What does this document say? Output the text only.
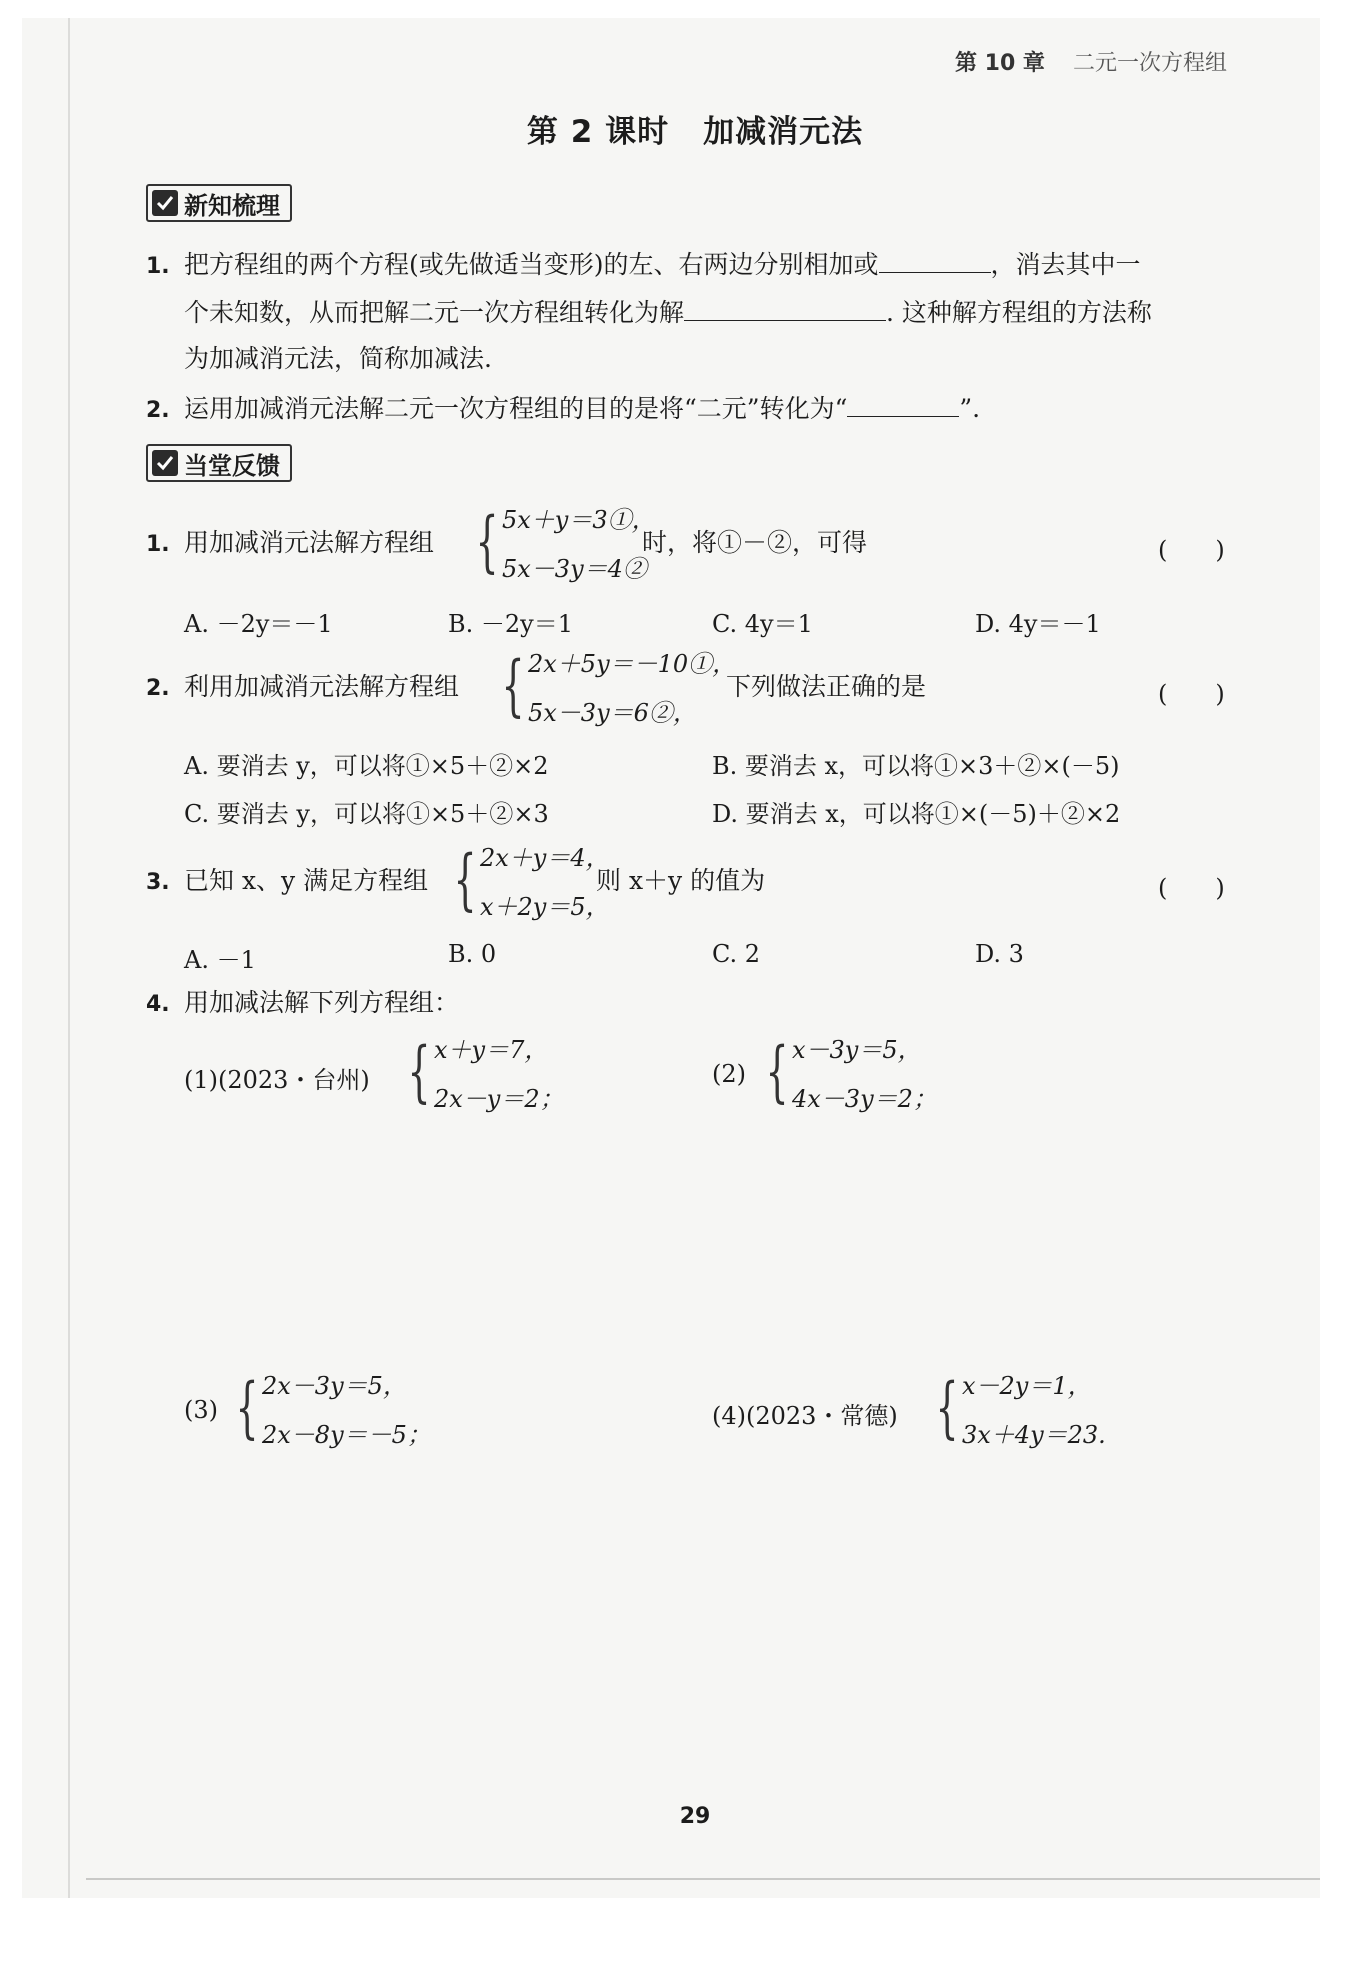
第 10 章 二元一次方程组
第 2 课时 加减消元法
新知梳理
1. 把方程组的两个方程(或先做适当变形)的左、右两边分别相加或	，消去其中一
个未知数，从而把解二元一次方程组转化为解	. 这种解方程组的方法称
为加减消元法，简称加减法.
2. 运用加减消元法解二元一次方程组的目的是将“二元”转化为“	”.
当堂反馈
1. 用加减消元法解方程组 { 5x＋y＝3①，
5x－3y＝4②
时，将①－②，可得	(　　)
A. －2y＝－1	B. －2y＝1	C. 4y＝1	D. 4y＝－1
2. 利用加减消元法解方程组 { 2x＋5y＝－10①，
5x－3y＝6②，
下列做法正确的是	(　　)
A. 要消去 y，可以将①×5＋②×2	B. 要消去 x，可以将①×3＋②×(－5)
C. 要消去 y，可以将①×5＋②×3	D. 要消去 x，可以将①×(－5)＋②×2
3. 已知 x、y 满足方程组 { 2x＋y＝4，
x＋2y＝5，
则 x＋y 的值为	(　　)
A. －1	B. 0	C. 2	D. 3
4. 用加减法解下列方程组：
(1)(2023・台州) { x＋y＝7，
2x－y＝2；
(2) { x－3y＝5，
4x－3y＝2；
(3) { 2x－3y＝5，
2x－8y＝－5；
(4)(2023・常德) { x－2y＝1，
3x＋4y＝23.
29
